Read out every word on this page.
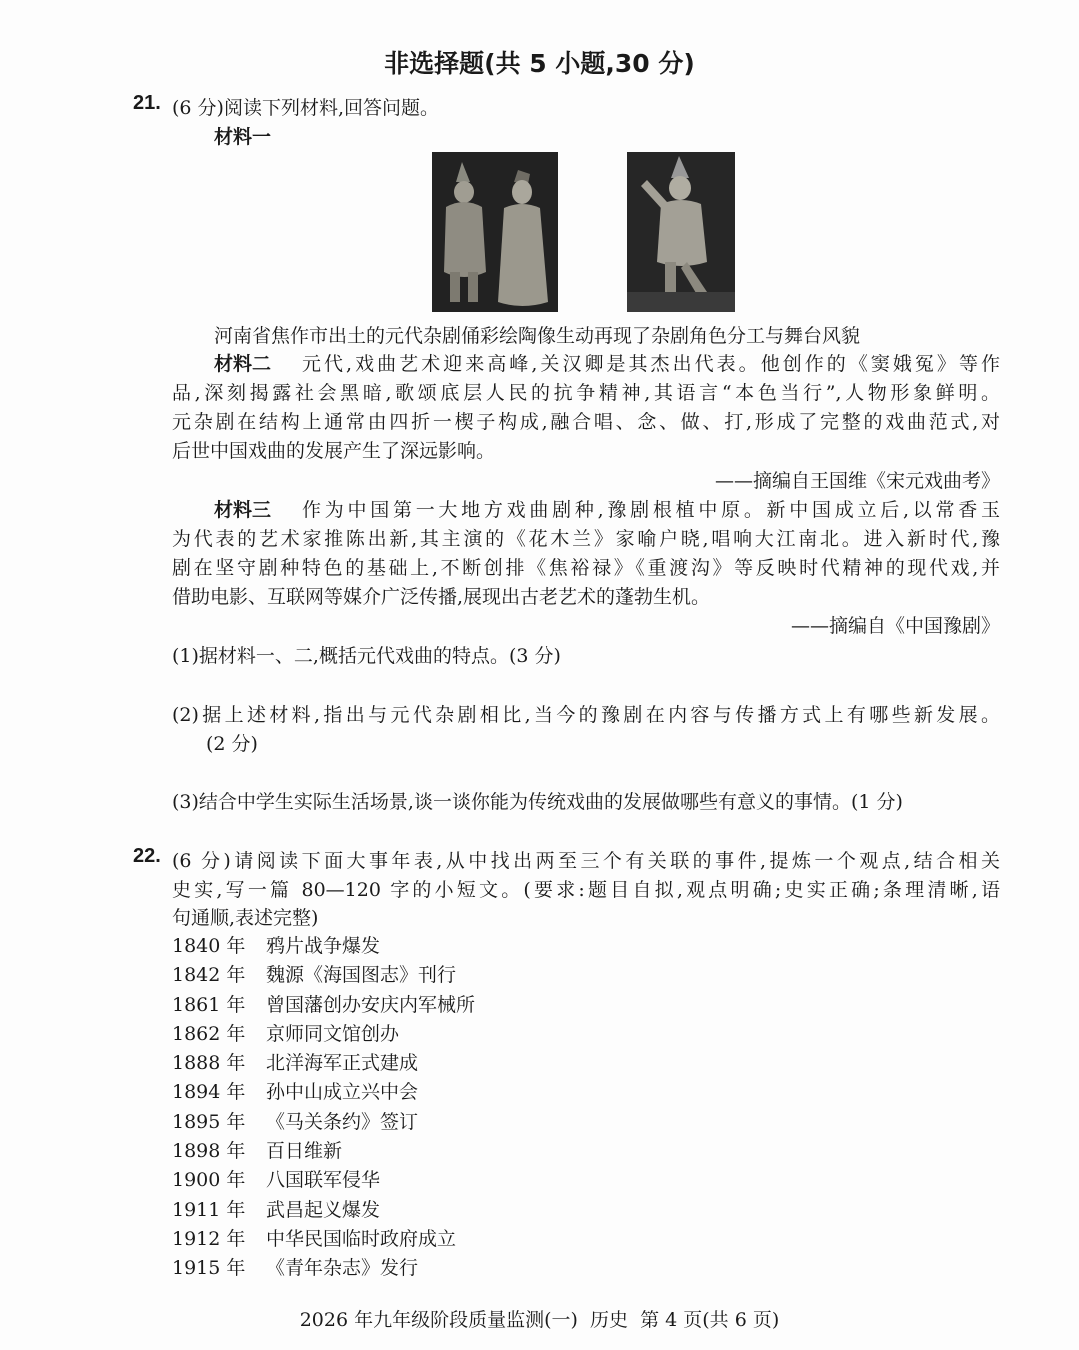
非选择题(共 5 小题,30 分)
21. (6 分)阅读下列材料,回答问题。
材料一
河南省焦作市出土的元代杂剧俑彩绘陶像生动再现了杂剧角色分工与舞台风貌
材料二 元代,戏曲艺术迎来高峰,关汉卿是其杰出代表。他创作的《窦娥冤》等作
品,深刻揭露社会黑暗,歌颂底层人民的抗争精神,其语言“本色当行”,人物形象鲜明。
元杂剧在结构上通常由四折一楔子构成,融合唱、念、做、打,形成了完整的戏曲范式,对
后世中国戏曲的发展产生了深远影响。
——摘编自王国维《宋元戏曲考》
材料三 作为中国第一大地方戏曲剧种,豫剧根植中原。新中国成立后,以常香玉
为代表的艺术家推陈出新,其主演的《花木兰》家喻户晓,唱响大江南北。进入新时代,豫
剧在坚守剧种特色的基础上,不断创排《焦裕禄》《重渡沟》等反映时代精神的现代戏,并
借助电影、互联网等媒介广泛传播,展现出古老艺术的蓬勃生机。
——摘编自《中国豫剧》
(1)据材料一、二,概括元代戏曲的特点。(3 分)
(2)据上述材料,指出与元代杂剧相比,当今的豫剧在内容与传播方式上有哪些新发展。
(2 分)
(3)结合中学生实际生活场景,谈一谈你能为传统戏曲的发展做哪些有意义的事情。(1 分)
22. (6 分)请阅读下面大事年表,从中找出两至三个有关联的事件,提炼一个观点,结合相关
史实,写一篇 80—120 字的小短文。(要求:题目自拟,观点明确;史实正确;条理清晰,语
句通顺,表述完整)
1840 年 鸦片战争爆发
1842 年 魏源《海国图志》刊行
1861 年 曾国藩创办安庆内军械所
1862 年 京师同文馆创办
1888 年 北洋海军正式建成
1894 年 孙中山成立兴中会
1895 年 《马关条约》签订
1898 年 百日维新
1900 年 八国联军侵华
1911 年 武昌起义爆发
1912 年 中华民国临时政府成立
1915 年 《青年杂志》发行
2026 年九年级阶段质量监测(一)  历史  第 4 页(共 6 页)
